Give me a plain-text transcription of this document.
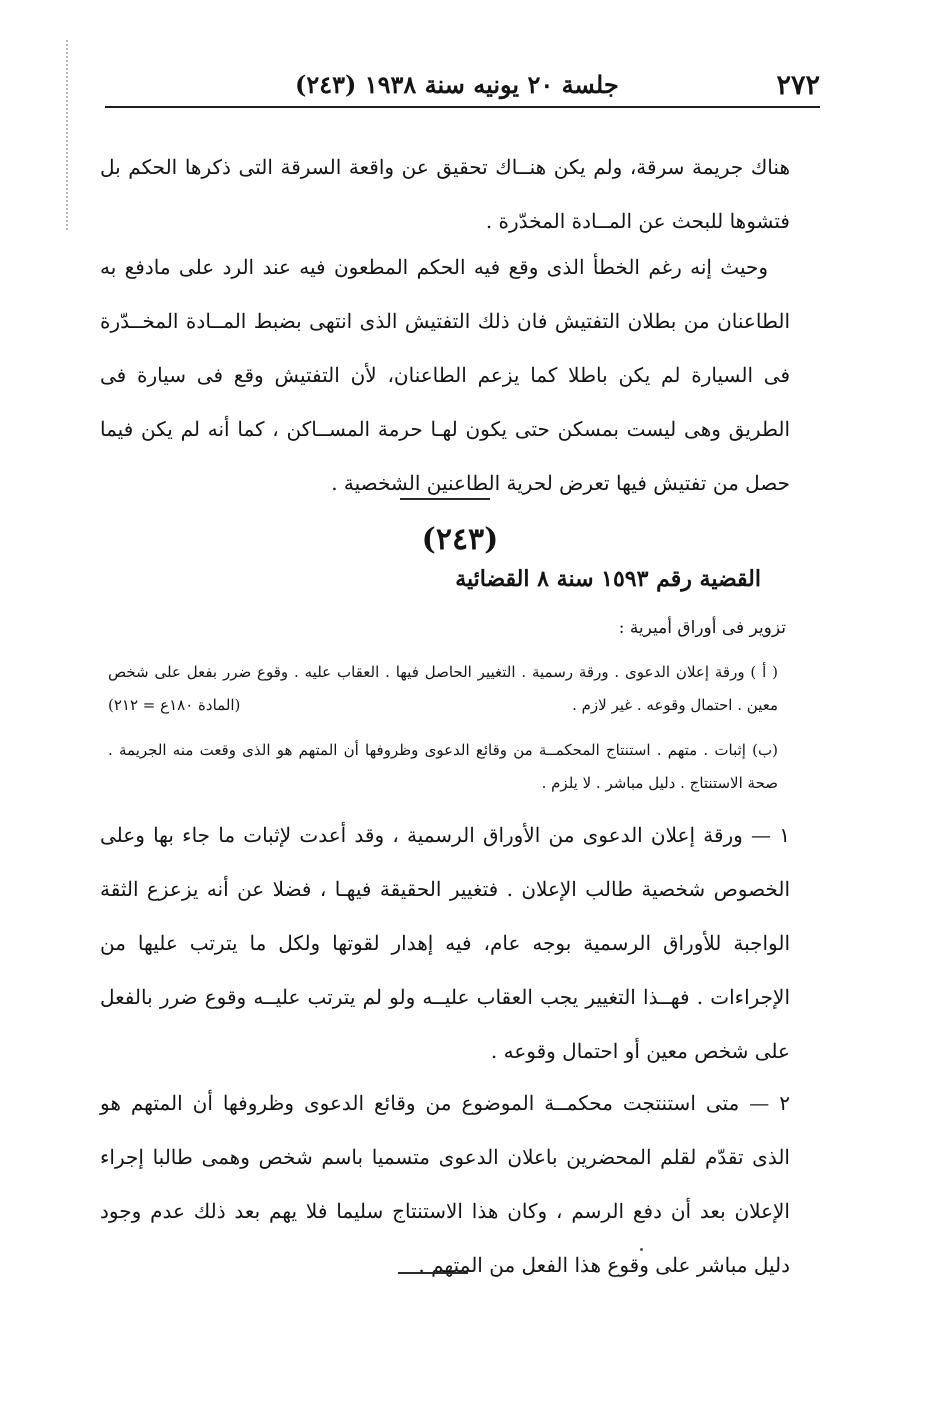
٢٧٢
جلسة ٢٠ يونيه سنة ١٩٣٨ (٢٤٣)

هناك جريمة سرقة، ولم يكن هنــاك تحقيق عن واقعة السرقة التى ذكرها الحكم بل فتشوها للبحث عن المــادة المخدّرة .

وحيث إنه رغم الخطأ الذى وقع فيه الحكم المطعون فيه عند الرد على مادفع به الطاعنان من بطلان التفتيش فان ذلك التفتيش الذى انتهى بضبط المــادة المخــدّرة فى السيارة لم يكن باطلا كما يزعم الطاعنان، لأن التفتيش وقع فى سيارة فى الطريق وهى ليست بمسكن حتى يكون لهـا حرمة المســاكن ، كما أنه لم يكن فيما حصل من تفتيش فيها تعرض لحرية الطاعنين الشخصية .

(٢٤٣)
القضية رقم ١٥٩٣ سنة ٨ القضائية
تزوير فى أوراق أميرية :

( أ ) ورقة إعلان الدعوى . ورقة رسمية . التغيير الحاصل فيها . العقاب عليه . وقوع ضرر بفعل على شخص معين . احتمال وقوعه . غير لازم .

(المادة ١٨٠ع = ٢١٢)

(ب) إثبات . متهم . استنتاج المحكمــة من وقائع الدعوى وظروفها أن المتهم هو الذى وقعت منه الجريمة . صحة الاستنتاج . دليل مباشر . لا يلزم .

١ — ورقة إعلان الدعوى من الأوراق الرسمية ، وقد أعدت لإثبات ما جاء بها وعلى الخصوص شخصية طالب الإعلان . فتغيير الحقيقة فيهـا ، فضلا عن أنه يزعزع الثقة الواجبة للأوراق الرسمية بوجه عام، فيه إهدار لقوتها ولكل ما يترتب عليها من الإجراءات . فهــذا التغيير يجب العقاب عليــه ولو لم يترتب عليــه وقوع ضرر بالفعل على شخص معين أو احتمال وقوعه .

٢ — متى استنتجت محكمــة الموضوع من وقائع الدعوى وظروفها أن المتهم هو الذى تقدّم لقلم المحضرين باعلان الدعوى متسميا باسم شخص وهمى طالبا إجراء الإعلان بعد أن دفع الرسم ، وكان هذا الاستنتاج سليما فلا يهم بعد ذلك عدم وجود دليل مباشر على وقوع هذا الفعل من المتهم .
